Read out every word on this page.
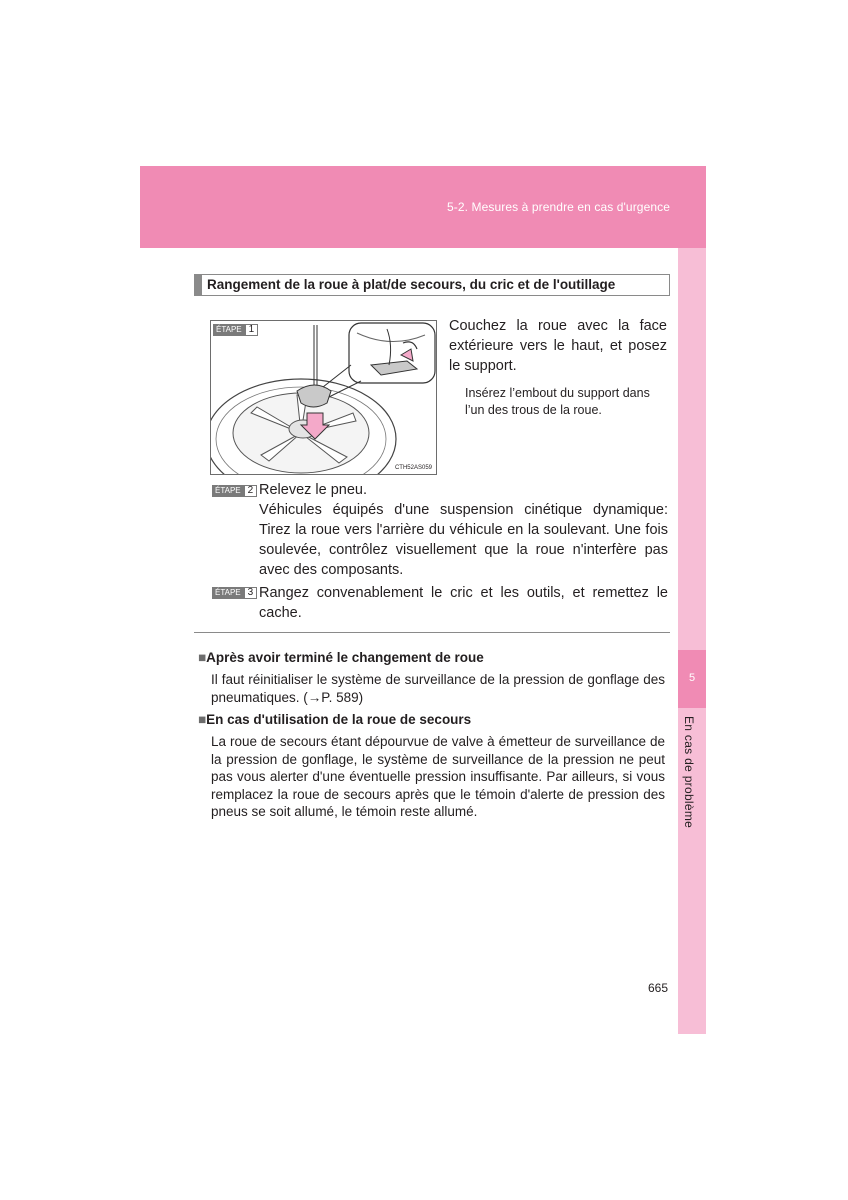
5-2. Mesures à prendre en cas d'urgence
5
En cas de problème
Rangement de la roue à plat/de secours, du cric et de l'outillage
ÉTAPE 1
CTH52AS059
Couchez la roue avec la face extérieure vers le haut, et posez le support.
Insérez l’embout du support dans l’un des trous de la roue.
ÉTAPE 2 Relevez le pneu.
Véhicules équipés d'une suspension cinétique dynamique: Tirez la roue vers l'arrière du véhicule en la soulevant. Une fois soulevée, contrôlez visuellement que la roue n'interfère pas avec des composants.
ÉTAPE 3 Rangez convenablement le cric et les outils, et remettez le cache.
■Après avoir terminé le changement de roue
Il faut réinitialiser le système de surveillance de la pression de gonflage des pneumatiques. (→P. 589)
■En cas d'utilisation de la roue de secours
La roue de secours étant dépourvue de valve à émetteur de surveillance de la pression de gonflage, le système de surveillance de la pression ne peut pas vous alerter d'une éventuelle pression insuffisante. Par ailleurs, si vous remplacez la roue de secours après que le témoin d'alerte de pression des pneus se soit allumé, le témoin reste allumé.
665
